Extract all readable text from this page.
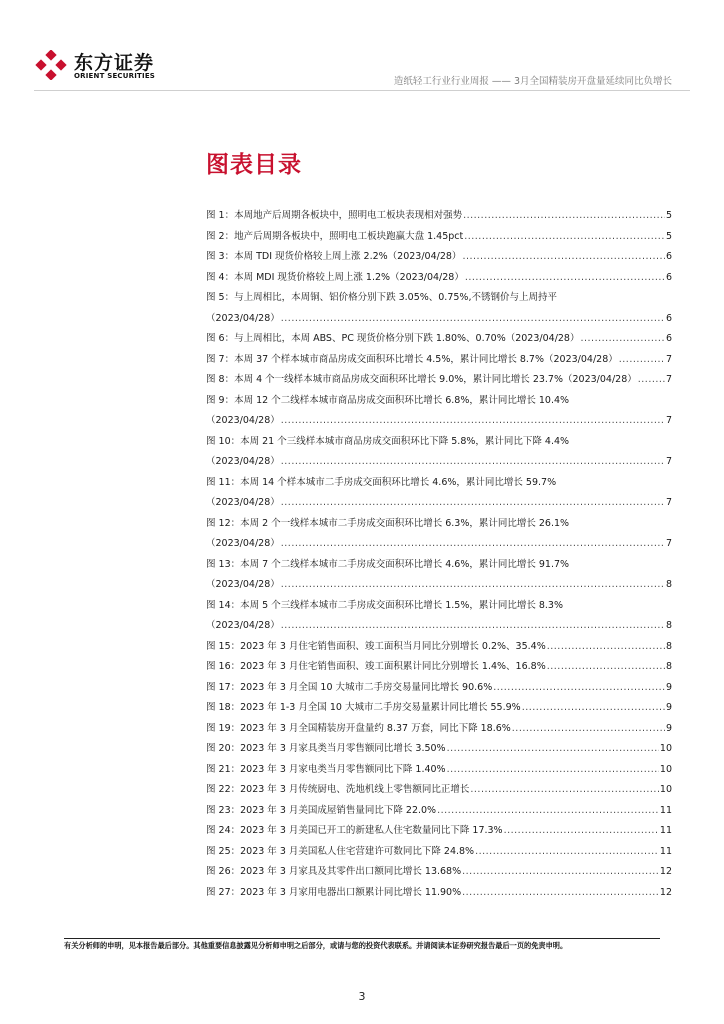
东方证券
ORIENT SECURITIES	造纸轻工行业行业周报 —— 3月全国精装房开盘量延续同比负增长
图表目录
图 1：本周地产后周期各板块中，照明电工板块表现相对强势 .....	5
图 2：地产后周期各板块中，照明电工板块跑赢大盘 1.45pct .....	5
图 3：本周 TDI 现货价格较上周上涨 2.2%（2023/04/28） .....	6
图 4：本周 MDI 现货价格较上周上涨 1.2%（2023/04/28） .....	6
图 5：与上周相比，本周铜、铝价格分别下跌 3.05%、0.75%,不锈钢价与上周持平
（2023/04/28） .....	6
图 6：与上周相比，本周 ABS、PC 现货价格分别下跌 1.80%、0.70%（2023/04/28） .....	6
图 7：本周 37 个样本城市商品房成交面积环比增长 4.5%，累计同比增长 8.7%（2023/04/28） .....	7
图 8：本周 4 个一线样本城市商品房成交面积环比增长 9.0%，累计同比增长 23.7%（2023/04/28） .....	7
图 9：本周 12 个二线样本城市商品房成交面积环比增长 6.8%，累计同比增长 10.4%
（2023/04/28） .....	7
图 10：本周 21 个三线样本城市商品房成交面积环比下降 5.8%，累计同比下降 4.4%
（2023/04/28） .....	7
图 11：本周 14 个样本城市二手房成交面积环比增长 4.6%，累计同比增长 59.7%
（2023/04/28） .....	7
图 12：本周 2 个一线样本城市二手房成交面积环比增长 6.3%，累计同比增长 26.1%
（2023/04/28） .....	7
图 13：本周 7 个二线样本城市二手房成交面积环比增长 4.6%，累计同比增长 91.7%
（2023/04/28） .....	8
图 14：本周 5 个三线样本城市二手房成交面积环比增长 1.5%，累计同比增长 8.3%
（2023/04/28） .....	8
图 15：2023 年 3 月住宅销售面积、竣工面积当月同比分别增长 0.2%、35.4% .....	8
图 16：2023 年 3 月住宅销售面积、竣工面积累计同比分别增长 1.4%、16.8% .....	8
图 17：2023 年 3 月全国 10 大城市二手房交易量同比增长 90.6% .....	9
图 18：2023 年 1-3 月全国 10 大城市二手房交易量累计同比增长 55.9% .....	9
图 19：2023 年 3 月全国精装房开盘量约 8.37 万套，同比下降 18.6% .....	9
图 20：2023 年 3 月家具类当月零售额同比增长 3.50% .....	10
图 21：2023 年 3 月家电类当月零售额同比下降 1.40% .....	10
图 22：2023 年 3 月传统厨电、洗地机线上零售额同比正增长 .....	10
图 23：2023 年 3 月美国成屋销售量同比下降 22.0% .....	11
图 24：2023 年 3 月美国已开工的新建私人住宅数量同比下降 17.3% .....	11
图 25：2023 年 3 月美国私人住宅营建许可数同比下降 24.8% .....	11
图 26：2023 年 3 月家具及其零件出口额同比增长 13.68% .....	12
图 27：2023 年 3 月家用电器出口额累计同比增长 11.90% .....	12
有关分析师的申明，见本报告最后部分。其他重要信息披露见分析师申明之后部分，或请与您的投资代表联系。并请阅读本证券研究报告最后一页的免责申明。
3
